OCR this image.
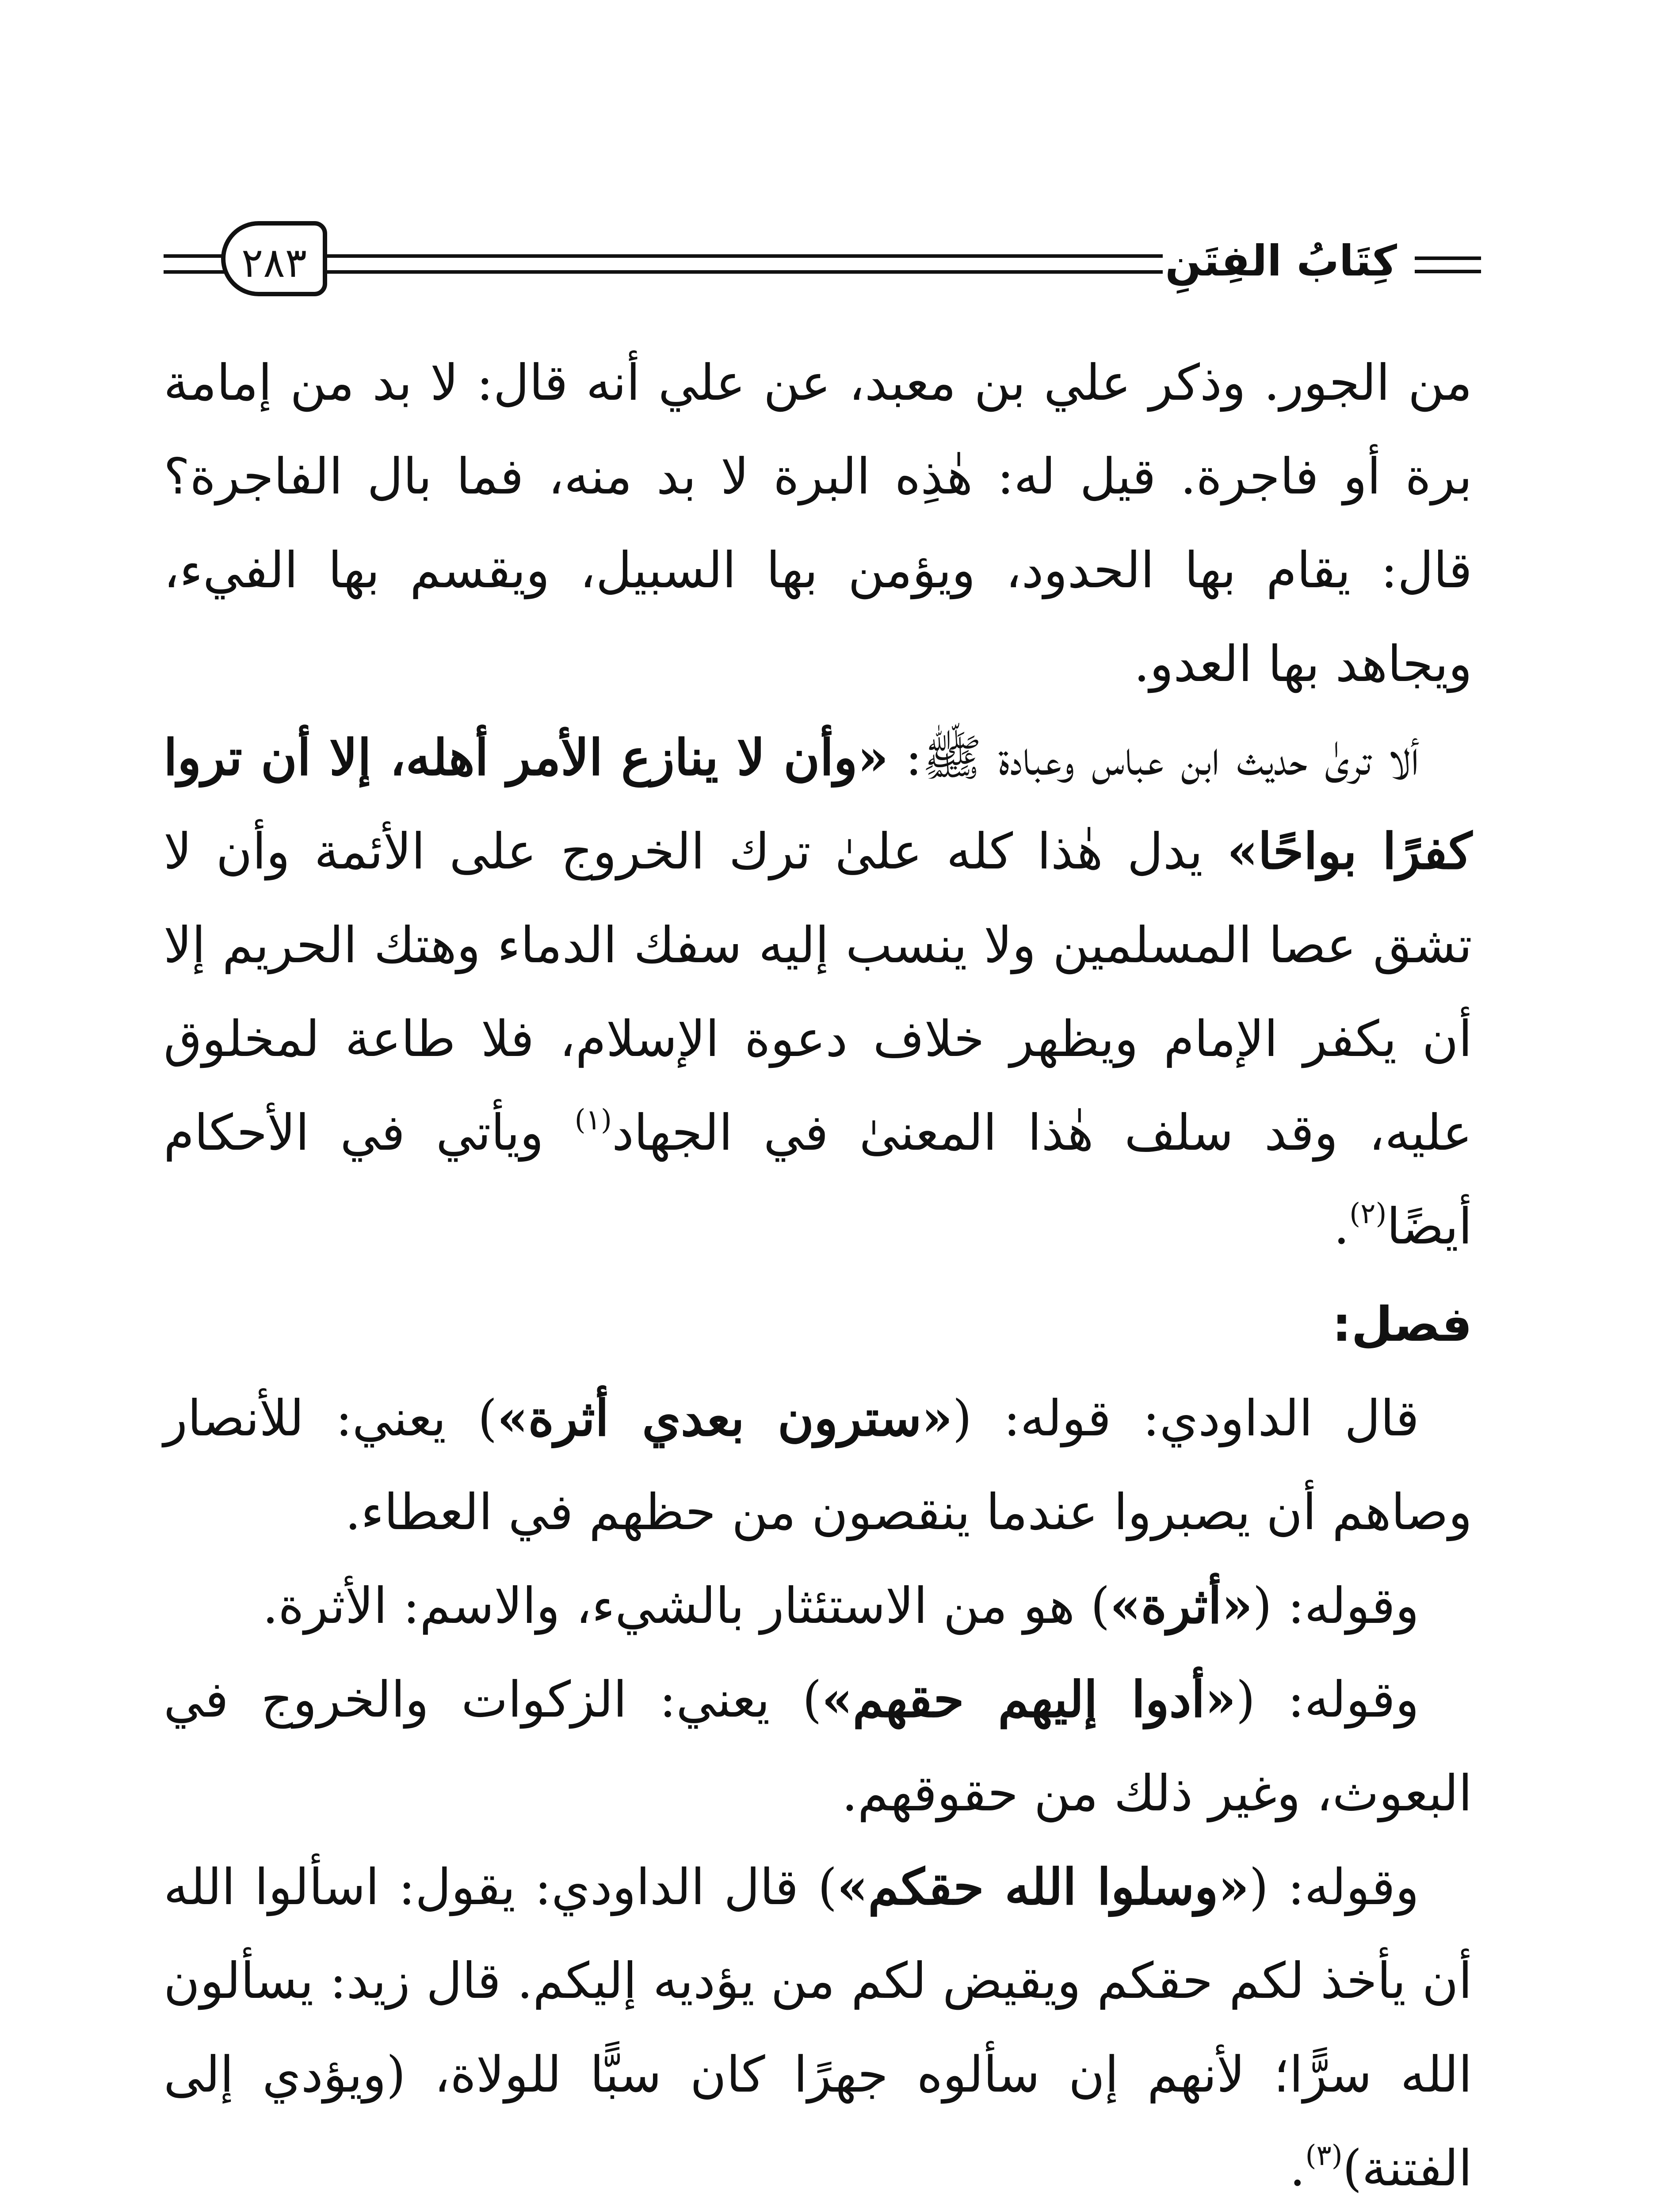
كِتَابُ الفِتَنِ
٢٨٣

من الجور. وذكر علي بن معبد، عن علي أنه قال: لا بد من إمامة برة أو فاجرة. قيل له: هٰذِه البرة لا بد منه، فما بال الفاجرة؟ قال: يقام بها الحدود، ويؤمن بها السبيل، ويقسم بها الفيء، ويجاهد بها العدو.

ألا ترىٰ حديث ابن عباس وعبادة ﷺ: «وأن لا ينازع الأمر أهله، إلا أن تروا كفرًا بواحًا» يدل هٰذا كله علىٰ ترك الخروج على الأئمة وأن لا تشق عصا المسلمين ولا ينسب إليه سفك الدماء وهتك الحريم إلا أن يكفر الإمام ويظهر خلاف دعوة الإسلام، فلا طاعة لمخلوق عليه، وقد سلف هٰذا المعنىٰ في الجهاد$^{(١)}$ ويأتي في الأحكام أيضًا$^{(٢)}$.

فصل:

قال الداودي: قوله: («سترون بعدي أثرة») يعني: للأنصار وصاهم أن يصبروا عندما ينقصون من حظهم في العطاء.

وقوله: («أثرة») هو من الاستئثار بالشيء، والاسم: الأثرة.

وقوله: («أدوا إليهم حقهم») يعني: الزكوات والخروج في البعوث، وغير ذلك من حقوقهم.

وقوله: («وسلوا الله حقكم») قال الداودي: يقول: اسألوا الله أن يأخذ لكم حقكم ويقيض لكم من يؤديه إليكم. قال زيد: يسألون الله سرًّا؛ لأنهم إن سألوه جهرًا كان سبًّا للولاة، (ويؤدي إلى الفتنة)$^{(٣)}$.
